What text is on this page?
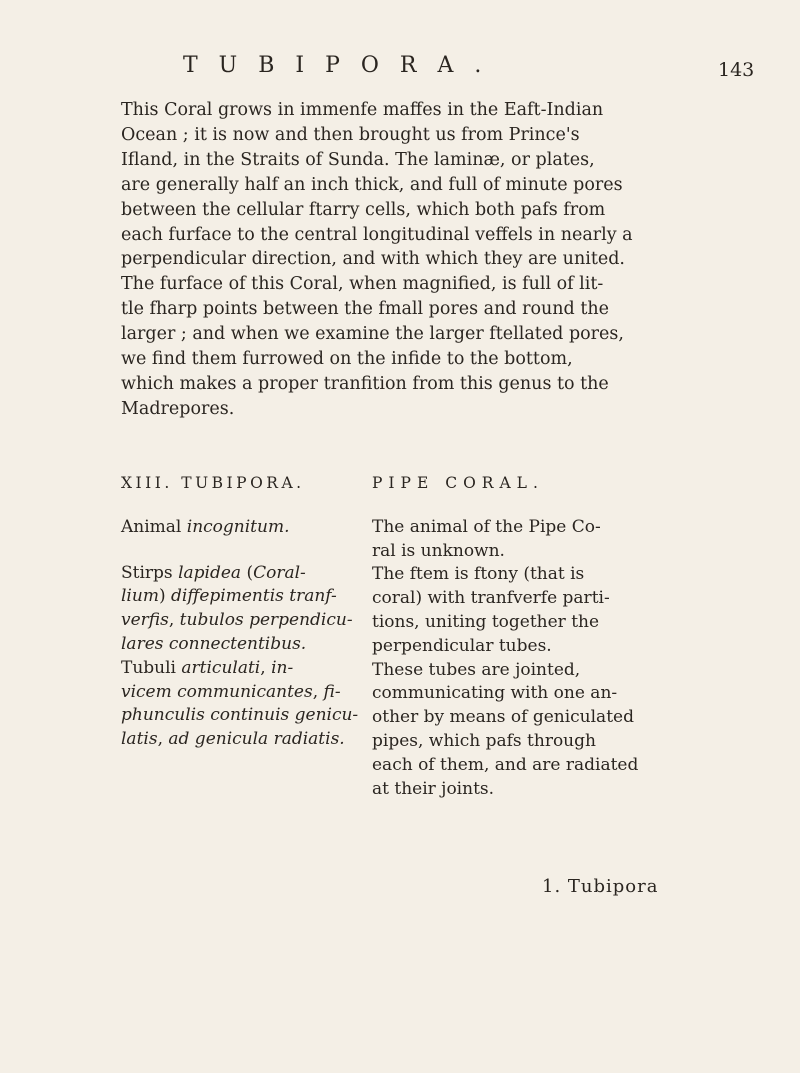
TUBIPORA.	143

This Coral grows in immenfe maffes in the Eaft-Indian
Ocean ; it is now and then brought us from Prince's
Ifland, in the Straits of Sunda. The laminæ, or plates,
are generally half an inch thick, and full of minute pores
between the cellular ftarry cells, which both pafs from
each furface to the central longitudinal veffels in nearly a
perpendicular direction, and with which they are united.
The furface of this Coral, when magnified, is full of lit-
tle fharp points between the fmall pores and round the
larger ; and when we examine the larger ftellated pores,
we find them furrowed on the infide to the bottom,
which makes a proper tranfition from this genus to the
Madrepores.

XIII. TUBIPORA.
Animal incognitum.
Stirps lapidea (Coral-
lium) diffepimentis tranf-
verfis, tubulos perpendicu-
lares connectentibus.
Tubuli articulati, in-
vicem communicantes, fi-
phunculis continuis genicu-
latis, ad genicula radiatis.
PIPE CORAL.
The animal of the Pipe Co-
ral is unknown.
The ftem is ftony (that is
coral) with tranfverfe parti-
tions, uniting together the
perpendicular tubes.
These tubes are jointed,
communicating with one an-
other by means of geniculated
pipes, which pafs through
each of them, and are radiated
at their joints.
1. Tubipora
